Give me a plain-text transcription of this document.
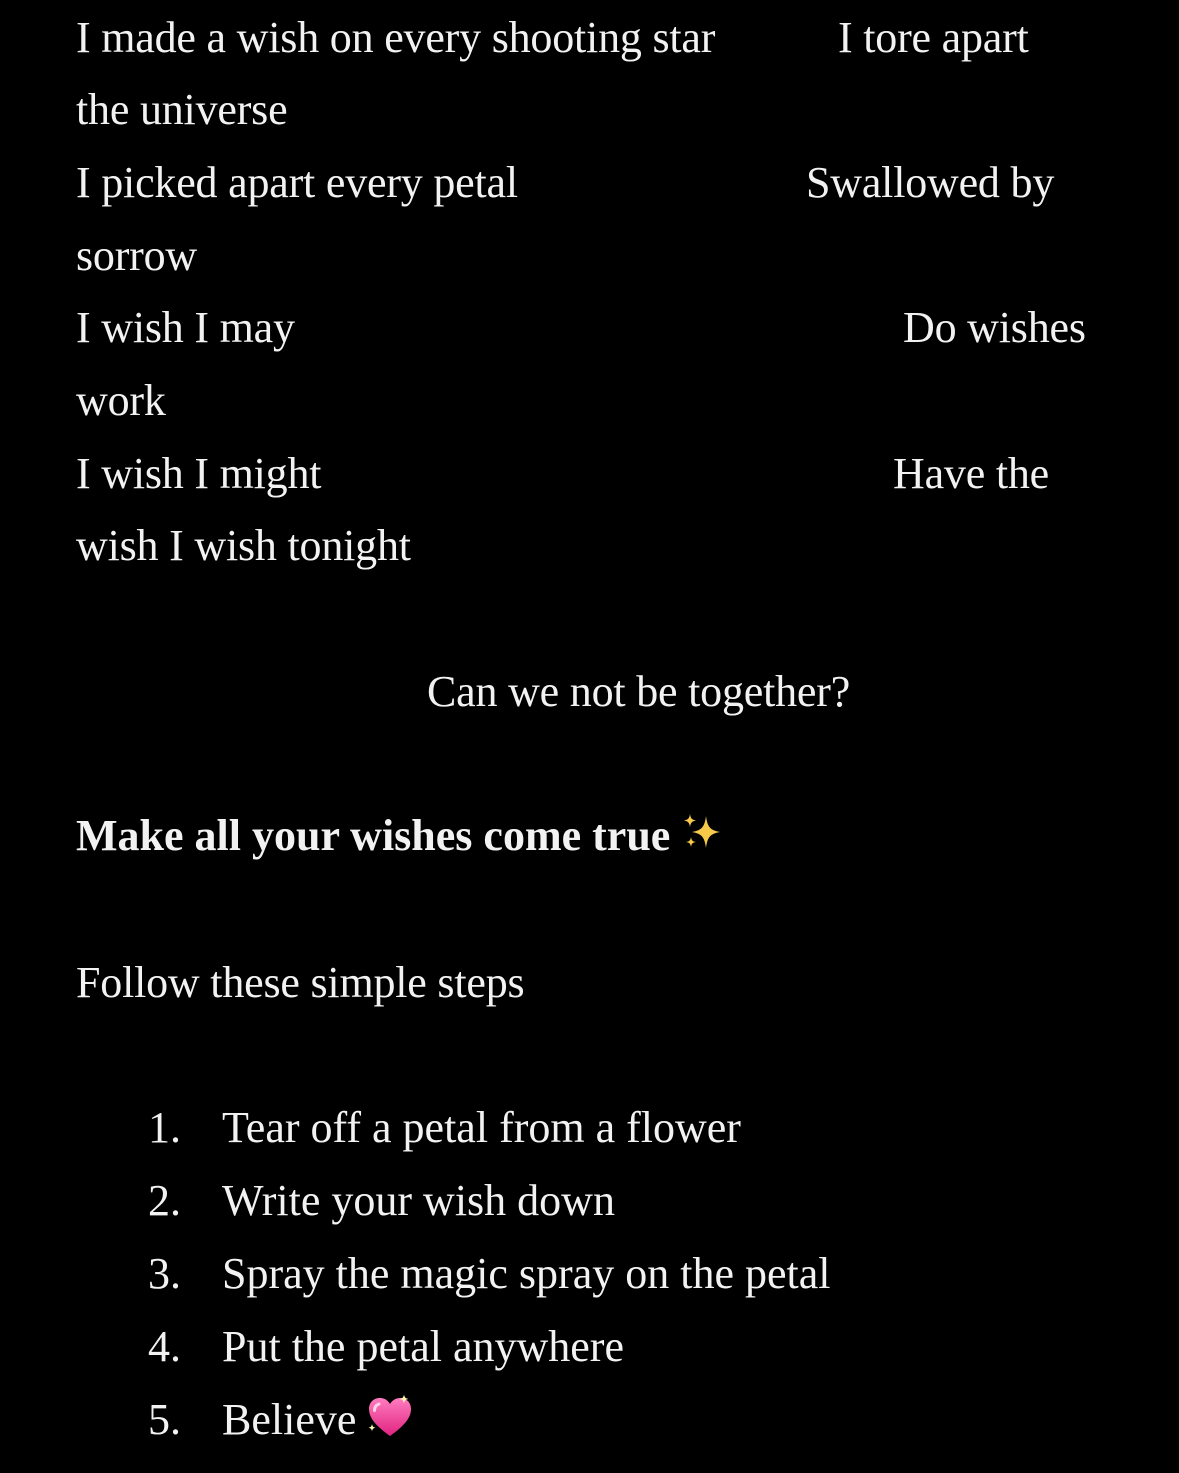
I made a wish on every shooting star	I tore apart
the universe
I picked apart every petal	Swallowed by
sorrow
I wish I may	Do wishes
work
I wish I might	Have the
wish I wish tonight
Can we not be together?
Make all your wishes come true
Follow these simple steps
1. Tear off a petal from a flower
2. Write your wish down
3. Spray the magic spray on the petal
4. Put the petal anywhere
5. Believe
